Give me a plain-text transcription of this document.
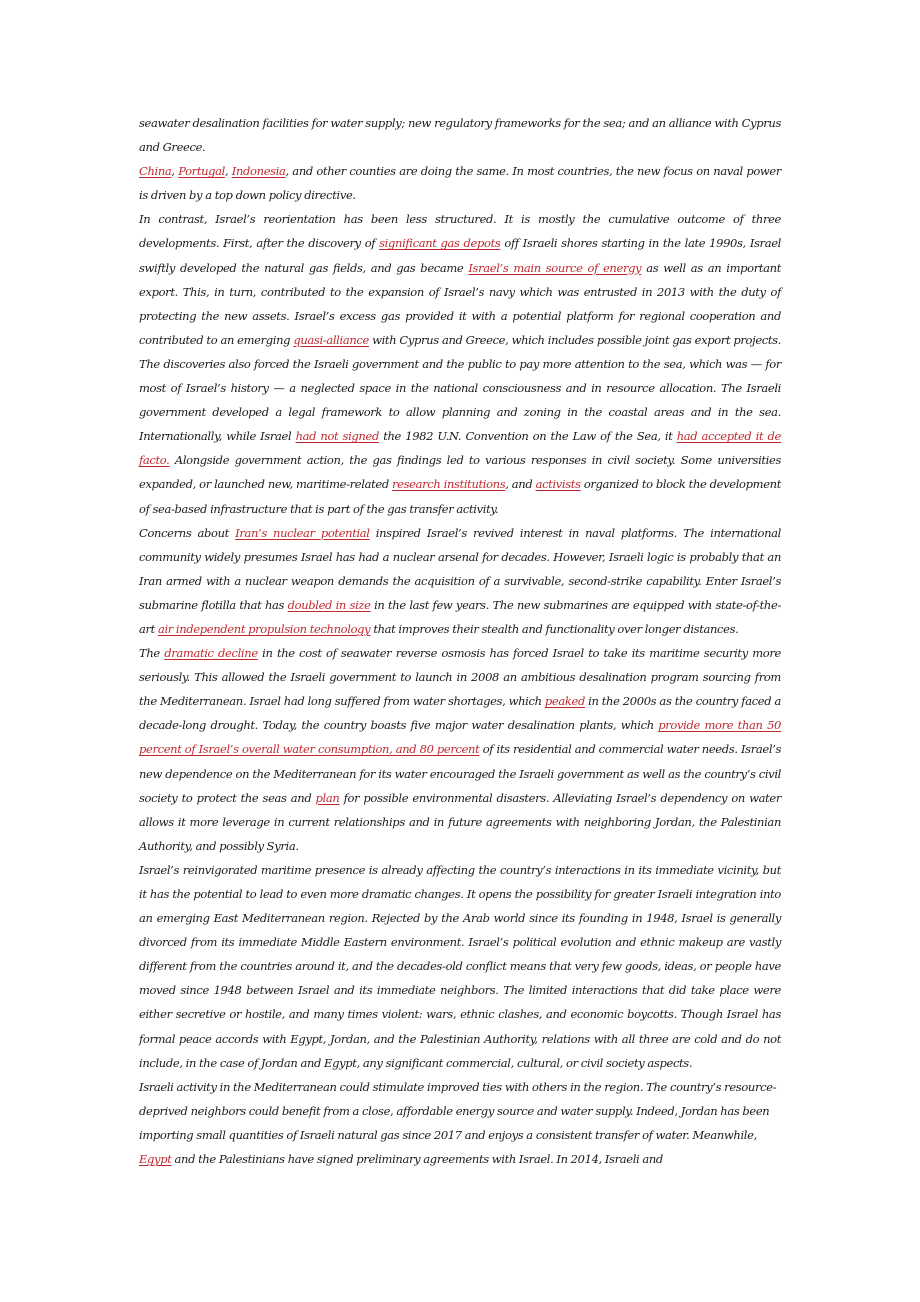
seawater desalination facilities for water supply; new regulatory frameworks for the sea; and an alliance with Cyprus and Greece.

China, Portugal, Indonesia, and other counties are doing the same. In most countries, the new focus on naval power is driven by a top down policy directive.

In contrast, Israel’s reorientation has been less structured. It is mostly the cumulative outcome of three developments. First, after the discovery of significant gas depots off Israeli shores starting in the late 1990s, Israel swiftly developed the natural gas fields, and gas became Israel’s main source of energy as well as an important export. This, in turn, contributed to the expansion of Israel’s navy which was entrusted in 2013 with the duty of protecting the new assets. Israel’s excess gas provided it with a potential platform for regional cooperation and contributed to an emerging quasi-alliance with Cyprus and Greece, which includes possible joint gas export projects. The discoveries also forced the Israeli government and the public to pay more attention to the sea, which was — for most of Israel’s history — a neglected space in the national consciousness and in resource allocation. The Israeli government developed a legal framework to allow planning and zoning in the coastal areas and in the sea. Internationally, while Israel had not signed the 1982 U.N. Convention on the Law of the Sea, it had accepted it de facto. Alongside government action, the gas findings led to various responses in civil society. Some universities expanded, or launched new, maritime-related research institutions, and activists organized to block the development of sea-based infrastructure that is part of the gas transfer activity.

Concerns about Iran’s nuclear potential inspired Israel’s revived interest in naval platforms. The international community widely presumes Israel has had a nuclear arsenal for decades. However, Israeli logic is probably that an Iran armed with a nuclear weapon demands the acquisition of a survivable, second-strike capability. Enter Israel’s submarine flotilla that has doubled in size in the last few years. The new submarines are equipped with state-of-the-art air independent propulsion technology that improves their stealth and functionality over longer distances.

The dramatic decline in the cost of seawater reverse osmosis has forced Israel to take its maritime security more seriously. This allowed the Israeli government to launch in 2008 an ambitious desalination program sourcing from the Mediterranean. Israel had long suffered from water shortages, which peaked in the 2000s as the country faced a decade-long drought. Today, the country boasts five major water desalination plants, which provide more than 50 percent of Israel’s overall water consumption, and 80 percent of its residential and commercial water needs. Israel’s new dependence on the Mediterranean for its water encouraged the Israeli government as well as the country’s civil society to protect the seas and plan for possible environmental disasters. Alleviating Israel’s dependency on water allows it more leverage in current relationships and in future agreements with neighboring Jordan, the Palestinian Authority, and possibly Syria.

Israel’s reinvigorated maritime presence is already affecting the country’s interactions in its immediate vicinity, but it has the potential to lead to even more dramatic changes. It opens the possibility for greater Israeli integration into an emerging East Mediterranean region. Rejected by the Arab world since its founding in 1948, Israel is generally divorced from its immediate Middle Eastern environment. Israel’s political evolution and ethnic makeup are vastly different from the countries around it, and the decades-old conflict means that very few goods, ideas, or people have moved since 1948 between Israel and its immediate neighbors. The limited interactions that did take place were either secretive or hostile, and many times violent: wars, ethnic clashes, and economic boycotts. Though Israel has formal peace accords with Egypt, Jordan, and the Palestinian Authority, relations with all three are cold and do not include, in the case of Jordan and Egypt, any significant commercial, cultural, or civil society aspects.

Israeli activity in the Mediterranean could stimulate improved ties with others in the region. The country’s resource-deprived neighbors could benefit from a close, affordable energy source and water supply. Indeed, Jordan has been importing small quantities of Israeli natural gas since 2017 and enjoys a consistent transfer of water. Meanwhile, Egypt and the Palestinians have signed preliminary agreements with Israel. In 2014, Israeli and
